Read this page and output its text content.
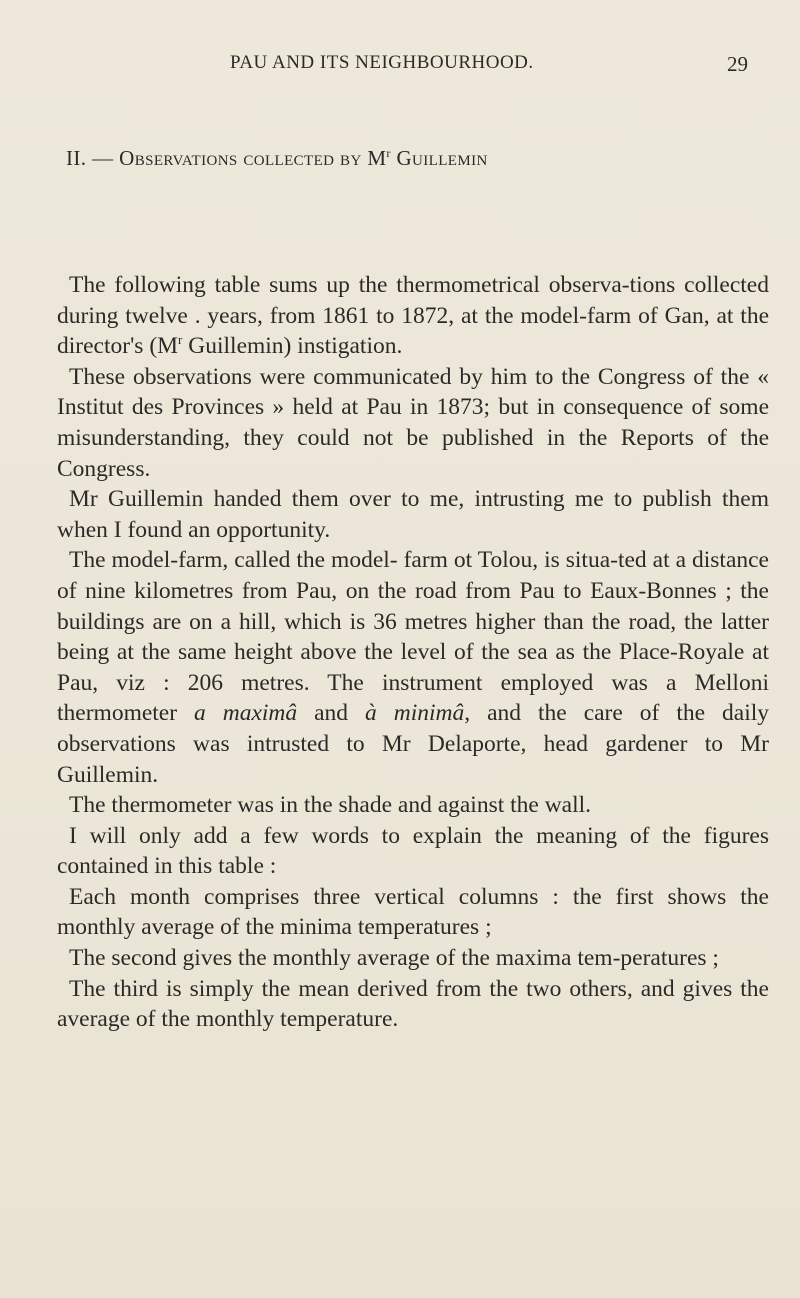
PAU AND ITS NEIGHBOURHOOD.	29
II. — Observations collected by $M^r$ Guillemin

The following table sums up the thermometrical observa-tions collected during twelve . years, from 1861 to 1872, at the model-farm of Gan, at the director's ($M^r$ Guillemin) instigation.

These observations were communicated by him to the Congress of the « Institut des Provinces » held at Pau in 1873; but in consequence of some misunderstanding, they could not be published in the Reports of the Congress.

Mr Guillemin handed them over to me, intrusting me to publish them when I found an opportunity.

The model-farm, called the model- farm ot Tolou, is situa-ted at a distance of nine kilometres from Pau, on the road from Pau to Eaux-Bonnes ; the buildings are on a hill, which is 36 metres higher than the road, the latter being at the same height above the level of the sea as the Place-Royale at Pau, viz : 206 metres. The instrument employed was a Melloni thermometer a maximâ and à minimâ, and the care of the daily observations was intrusted to Mr Delaporte, head gardener to Mr Guillemin.

The thermometer was in the shade and against the wall.

I will only add a few words to explain the meaning of the figures contained in this table :

Each month comprises three vertical columns : the first shows the monthly average of the minima temperatures ;

The second gives the monthly average of the maxima tem-peratures ;

The third is simply the mean derived from the two others, and gives the average of the monthly temperature.
